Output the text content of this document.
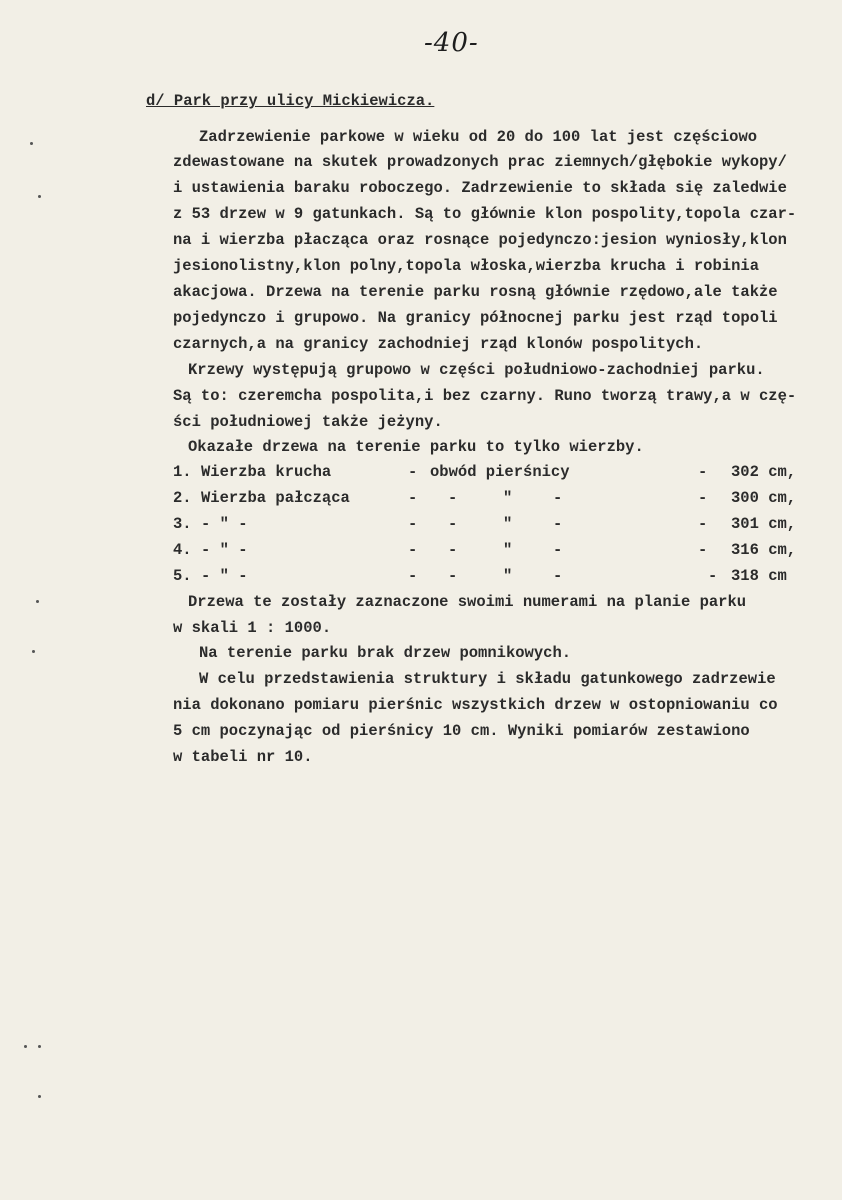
-40-
d/ Park przy ulicy Mickiewicza.
Zadrzewienie parkowe w wieku od 20 do 100 lat jest częściowo
zdewastowane na skutek prowadzonych prac ziemnych/głębokie wykopy/
i ustawienia baraku roboczego. Zadrzewienie to składa się zaledwie
z 53 drzew w 9 gatunkach. Są to głównie klon pospolity,topola czar-
na i wierzba płacząca oraz rosnące pojedynczo:jesion wyniosły,klon
jesionolistny,klon polny,topola włoska,wierzba krucha i robinia
akacjowa. Drzewa na terenie parku rosną głównie rzędowo,ale także
pojedynczo i grupowo. Na granicy północnej parku jest rząd topoli
czarnych,a na granicy zachodniej rząd klonów pospolitych.
Krzewy występują grupowo w części południowo-zachodniej parku.
Są to: czeremcha pospolita,i bez czarny. Runo tworzą trawy,a w czę-
ści południowej także jeżyny.
Okazałe drzewa na terenie parku to tylko wierzby.
1. Wierzba krucha	- obwód pierśnicy	- 302 cm,
2. Wierzba pałcząca	- -	"	-	- 300 cm,
3. - " -	- -	"	-	- 301 cm,
4. - " -	- -	"	-	- 316 cm,
5. - " -	- -	"	-	- 318 cm
Drzewa te zostały zaznaczone swoimi numerami na planie parku
w skali 1 : 1000.
Na terenie parku brak drzew pomnikowych.
W celu przedstawienia struktury i składu gatunkowego zadrzewie
nia dokonano pomiaru pierśnic wszystkich drzew w ostopniowaniu co
5 cm poczynając od pierśnicy 10 cm. Wyniki pomiarów zestawiono
w tabeli nr 10.
